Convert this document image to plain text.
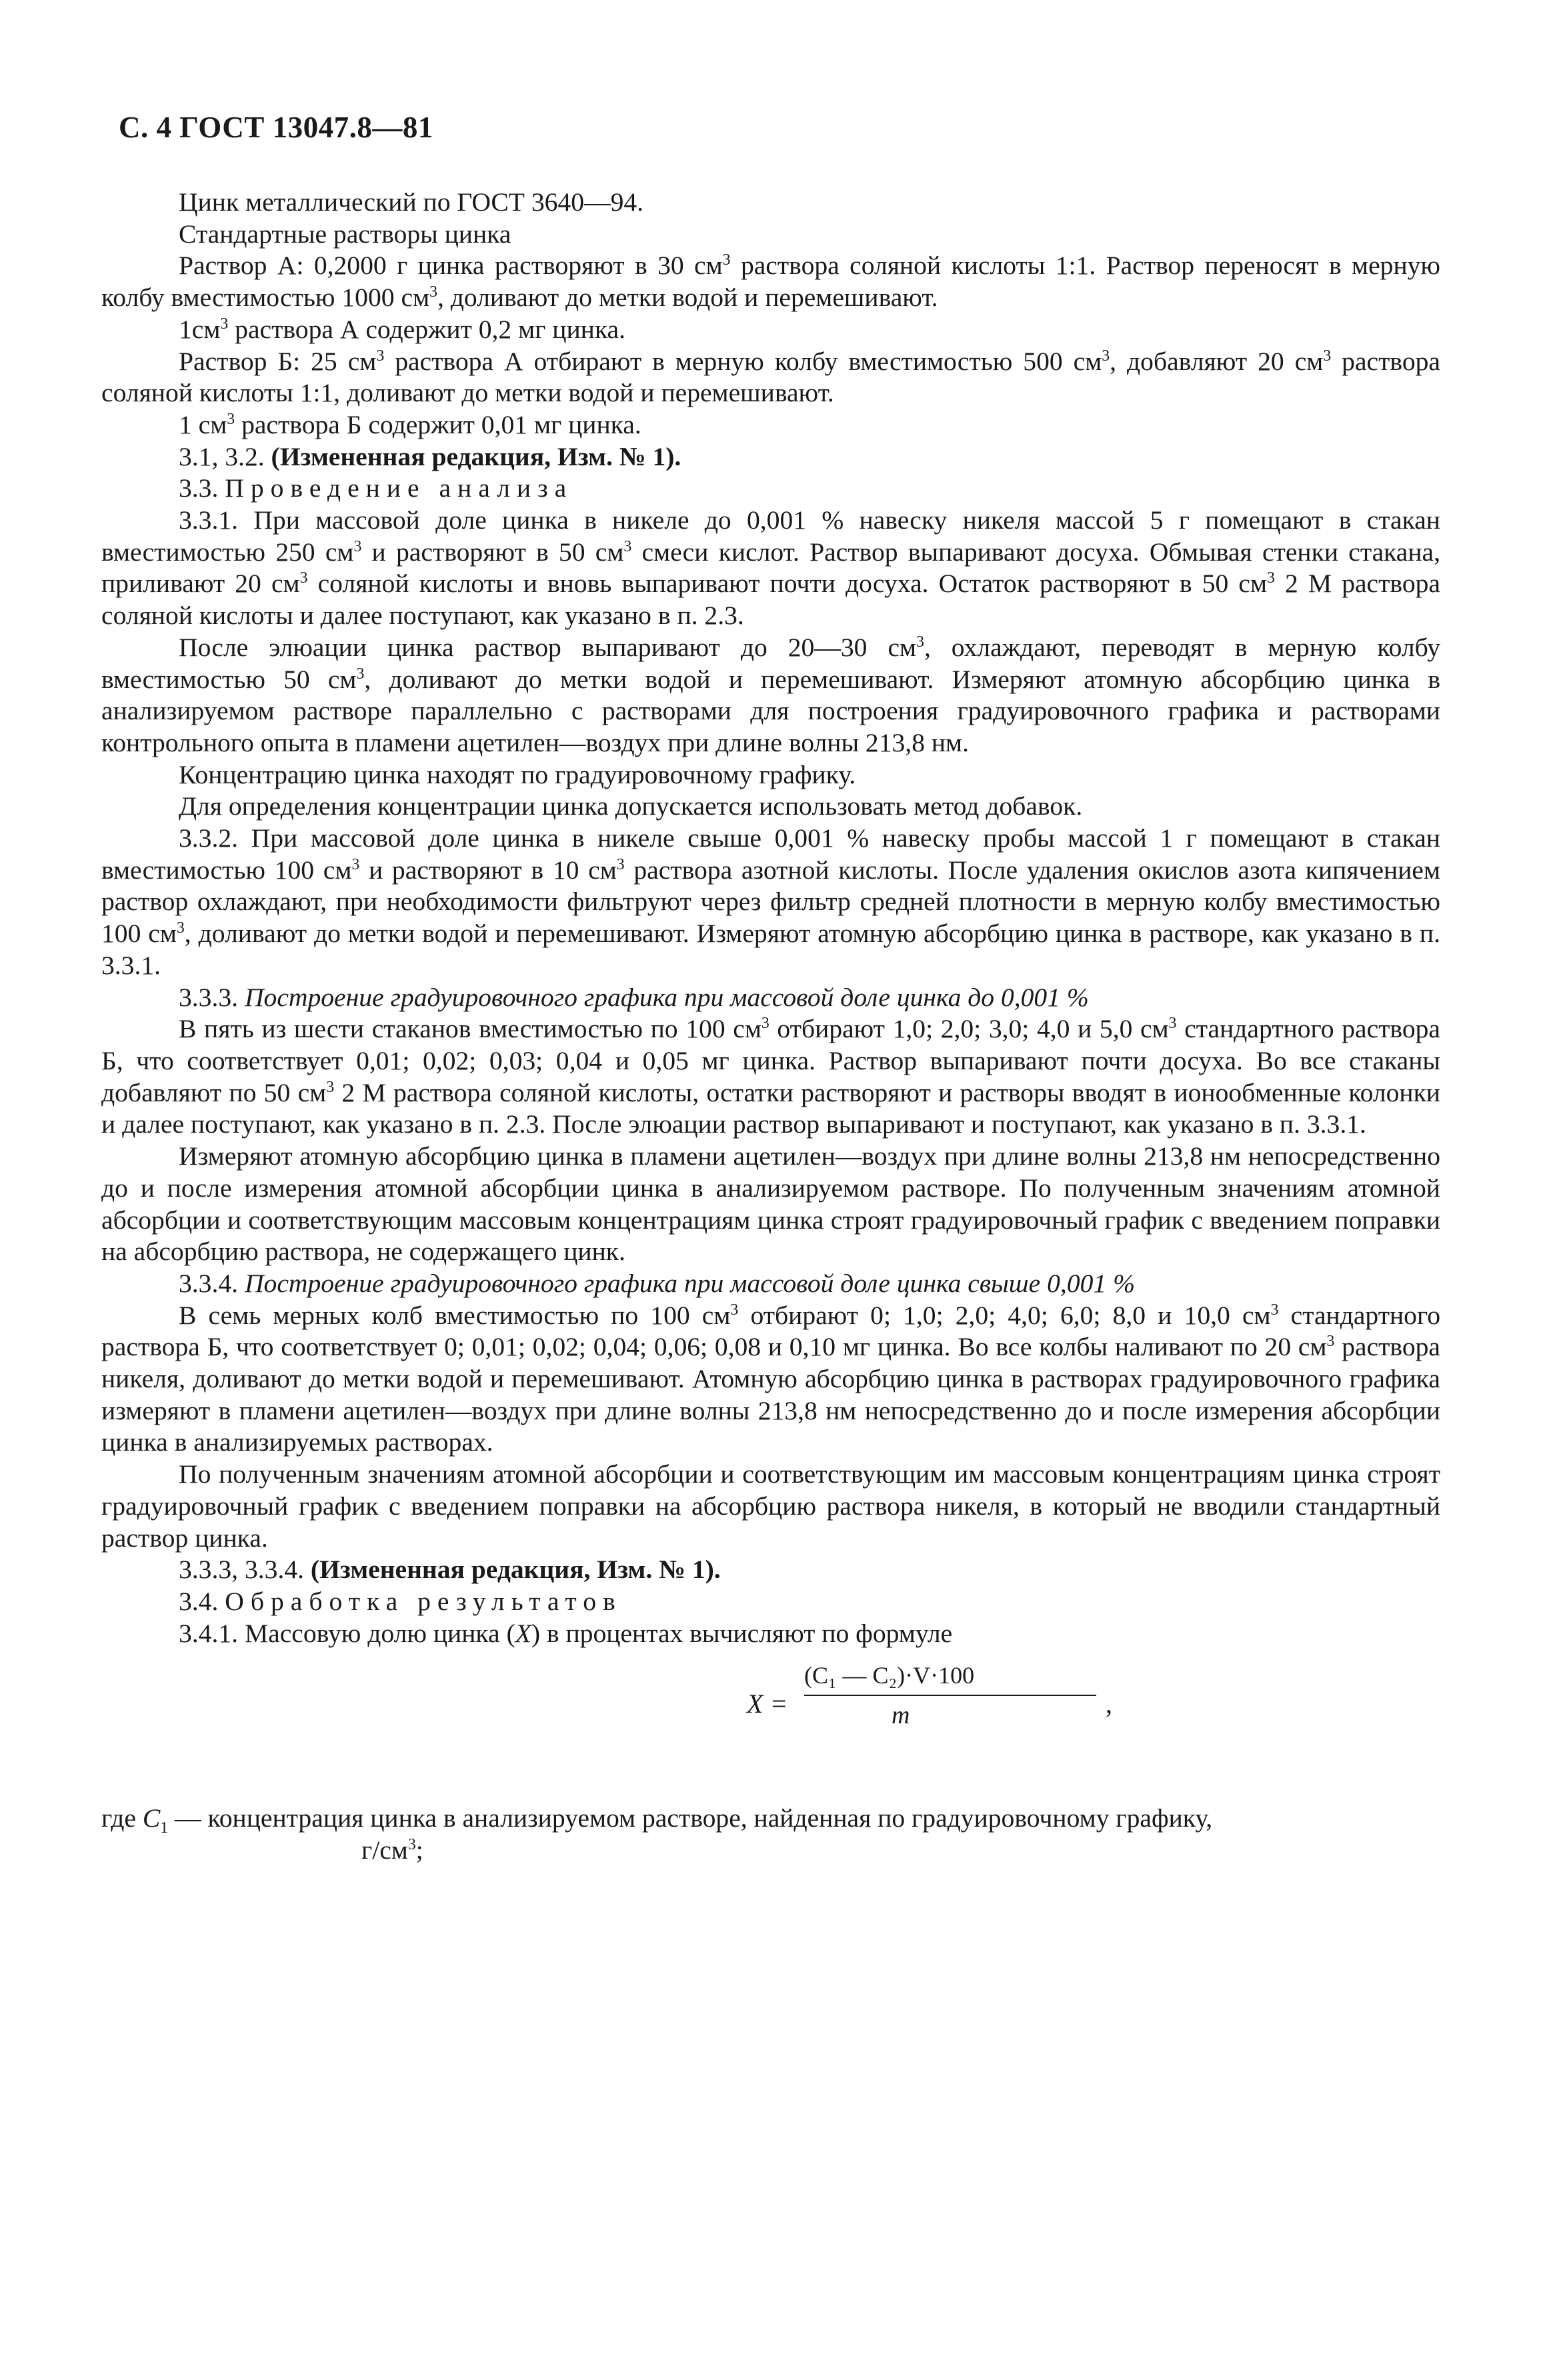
С. 4 ГОСТ 13047.8—81

Цинк металлический по ГОСТ 3640—94.

Стандартные растворы цинка

Раствор А: 0,2000 г цинка растворяют в 30 $см^3$ раствора соляной кислоты 1:1. Раствор переносят в мерную колбу вместимостью 1000 $см^3$, доливают до метки водой и перемешивают.

$1см^3$ раствора А содержит 0,2 мг цинка.

Раствор Б: 25 $см^3$ раствора А отбирают в мерную колбу вместимостью 500 $см^3$, добавляют 20 $см^3$ раствора соляной кислоты 1:1, доливают до метки водой и перемешивают.

1 $см^3$ раствора Б содержит 0,01 мг цинка.

3.1, 3.2. (Измененная редакция, Изм. № 1).

3.3. Проведение анализа

3.3.1. При массовой доле цинка в никеле до 0,001 % навеску никеля массой 5 г помещают в стакан вместимостью 250 $см^3$ и растворяют в 50 $см^3$ смеси кислот. Раствор выпаривают досуха. Обмывая стенки стакана, приливают 20 $см^3$ соляной кислоты и вновь выпаривают почти досуха. Остаток растворяют в 50 $см^3$ 2 М раствора соляной кислоты и далее поступают, как указано в п. 2.3.

После элюации цинка раствор выпаривают до 20—30 $см^3$, охлаждают, переводят в мерную колбу вместимостью 50 $см^3$, доливают до метки водой и перемешивают. Измеряют атомную абсорбцию цинка в анализируемом растворе параллельно с растворами для построения градуировочного графика и растворами контрольного опыта в пламени ацетилен—воздух при длине волны 213,8 нм.

Концентрацию цинка находят по градуировочному графику.

Для определения концентрации цинка допускается использовать метод добавок.

3.3.2. При массовой доле цинка в никеле свыше 0,001 % навеску пробы массой 1 г помещают в стакан вместимостью 100 $см^3$ и растворяют в 10 $см^3$ раствора азотной кислоты. После удаления окислов азота кипячением раствор охлаждают, при необходимости фильтруют через фильтр средней плотности в мерную колбу вместимостью 100 $см^3$, доливают до метки водой и перемешивают. Измеряют атомную абсорбцию цинка в растворе, как указано в п. 3.3.1.

3.3.3. Построение градуировочного графика при массовой доле цинка до 0,001 %

В пять из шести стаканов вместимостью по 100 $см^3$ отбирают 1,0; 2,0; 3,0; 4,0 и 5,0 $см^3$ стандартного раствора Б, что соответствует 0,01; 0,02; 0,03; 0,04 и 0,05 мг цинка. Раствор выпаривают почти досуха. Во все стаканы добавляют по 50 $см^3$ 2 М раствора соляной кислоты, остатки растворяют и растворы вводят в ионообменные колонки и далее поступают, как указано в п. 2.3. После элюации раствор выпаривают и поступают, как указано в п. 3.3.1.

Измеряют атомную абсорбцию цинка в пламени ацетилен—воздух при длине волны 213,8 нм непосредственно до и после измерения атомной абсорбции цинка в анализируемом растворе. По полученным значениям атомной абсорбции и соответствующим массовым концентрациям цинка строят градуировочный график с введением поправки на абсорбцию раствора, не содержащего цинк.

3.3.4. Построение градуировочного графика при массовой доле цинка свыше 0,001 %

В семь мерных колб вместимостью по 100 $см^3$ отбирают 0; 1,0; 2,0; 4,0; 6,0; 8,0 и 10,0 $см^3$ стандартного раствора Б, что соответствует 0; 0,01; 0,02; 0,04; 0,06; 0,08 и 0,10 мг цинка. Во все колбы наливают по 20 $см^3$ раствора никеля, доливают до метки водой и перемешивают. Атомную абсорбцию цинка в растворах градуировочного графика измеряют в пламени ацетилен—воздух при длине волны 213,8 нм непосредственно до и после измерения абсорбции цинка в анализируемых растворах.

По полученным значениям атомной абсорбции и соответствующим им массовым концентрациям цинка строят градуировочный график с введением поправки на абсорбцию раствора никеля, в который не вводили стандартный раствор цинка.

3.3.3, 3.3.4. (Измененная редакция, Изм. № 1).

3.4. Обработка результатов

3.4.1. Массовую долю цинка (X) в процентах вычисляют по формуле

X =
(C₁ — C₂)·V·100
m	,

где $C_1$ — концентрация цинка в анализируемом растворе, найденная по градуировочному графику,

$г/см^3$;
